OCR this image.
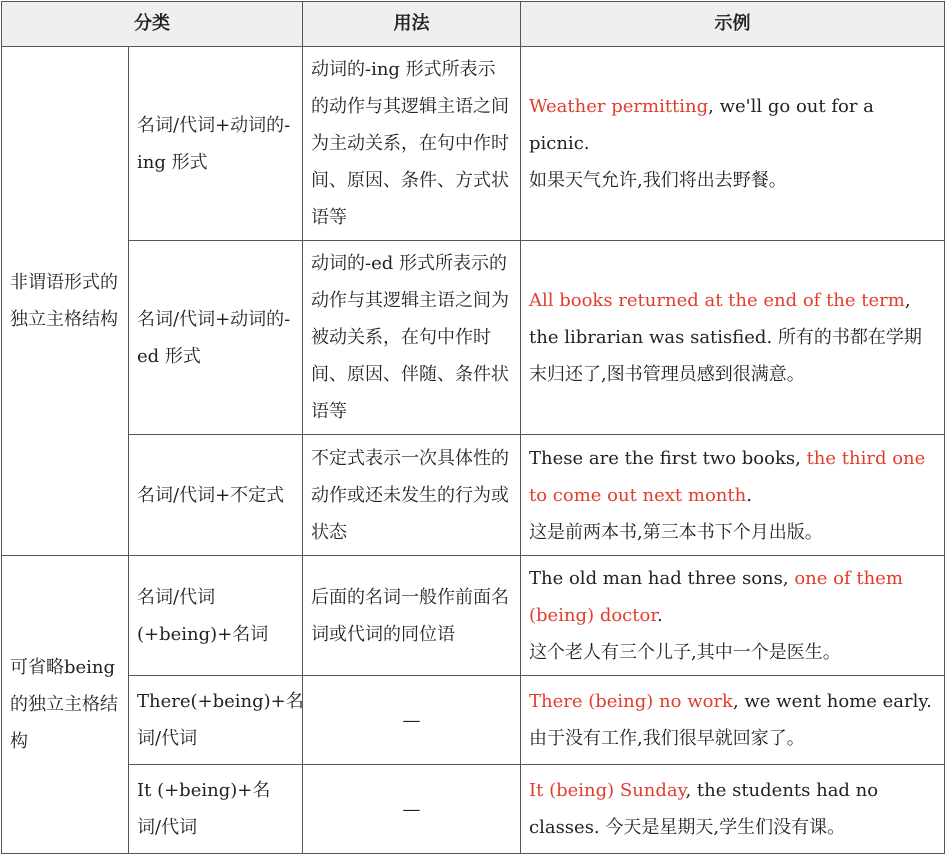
分类		用法	示例
非谓语形式的独立主格结构	名词/代词+动词的-ing 形式	动词的-ing 形式所表示的动作与其逻辑主语之间为主动关系，在句中作时间、原因、条件、方式状语等	Weather permitting, we'll go out for a picnic.
如果天气允许,我们将出去野餐。

	名词/代词+动词的-ed 形式	动词的-ed 形式所表示的动作与其逻辑主语之间为被动关系，在句中作时间、原因、伴随、条件状语等	All books returned at the end of the term, the librarian was satisfied. 所有的书都在学期末归还了,图书管理员感到很满意。
	名词/代词+不定式	不定式表示一次具体性的动作或还未发生的行为或状态	These are the first two books, the third one to come out next month.
这是前两本书,第三本书下个月出版。

可省略being 的独立主格结构	名词/代词(+being)+名词	后面的名词一般作前面名词或代词的同位语	The old man had three sons, one of them (being) doctor.
这个老人有三个儿子,其中一个是医生。

	There(+being)+名词/代词	—	There (being) no work, we went home early. 由于没有工作,我们很早就回家了。
	It (+being)+名词/代词	—	It (being) Sunday, the students had no classes. 今天是星期天,学生们没有课。
